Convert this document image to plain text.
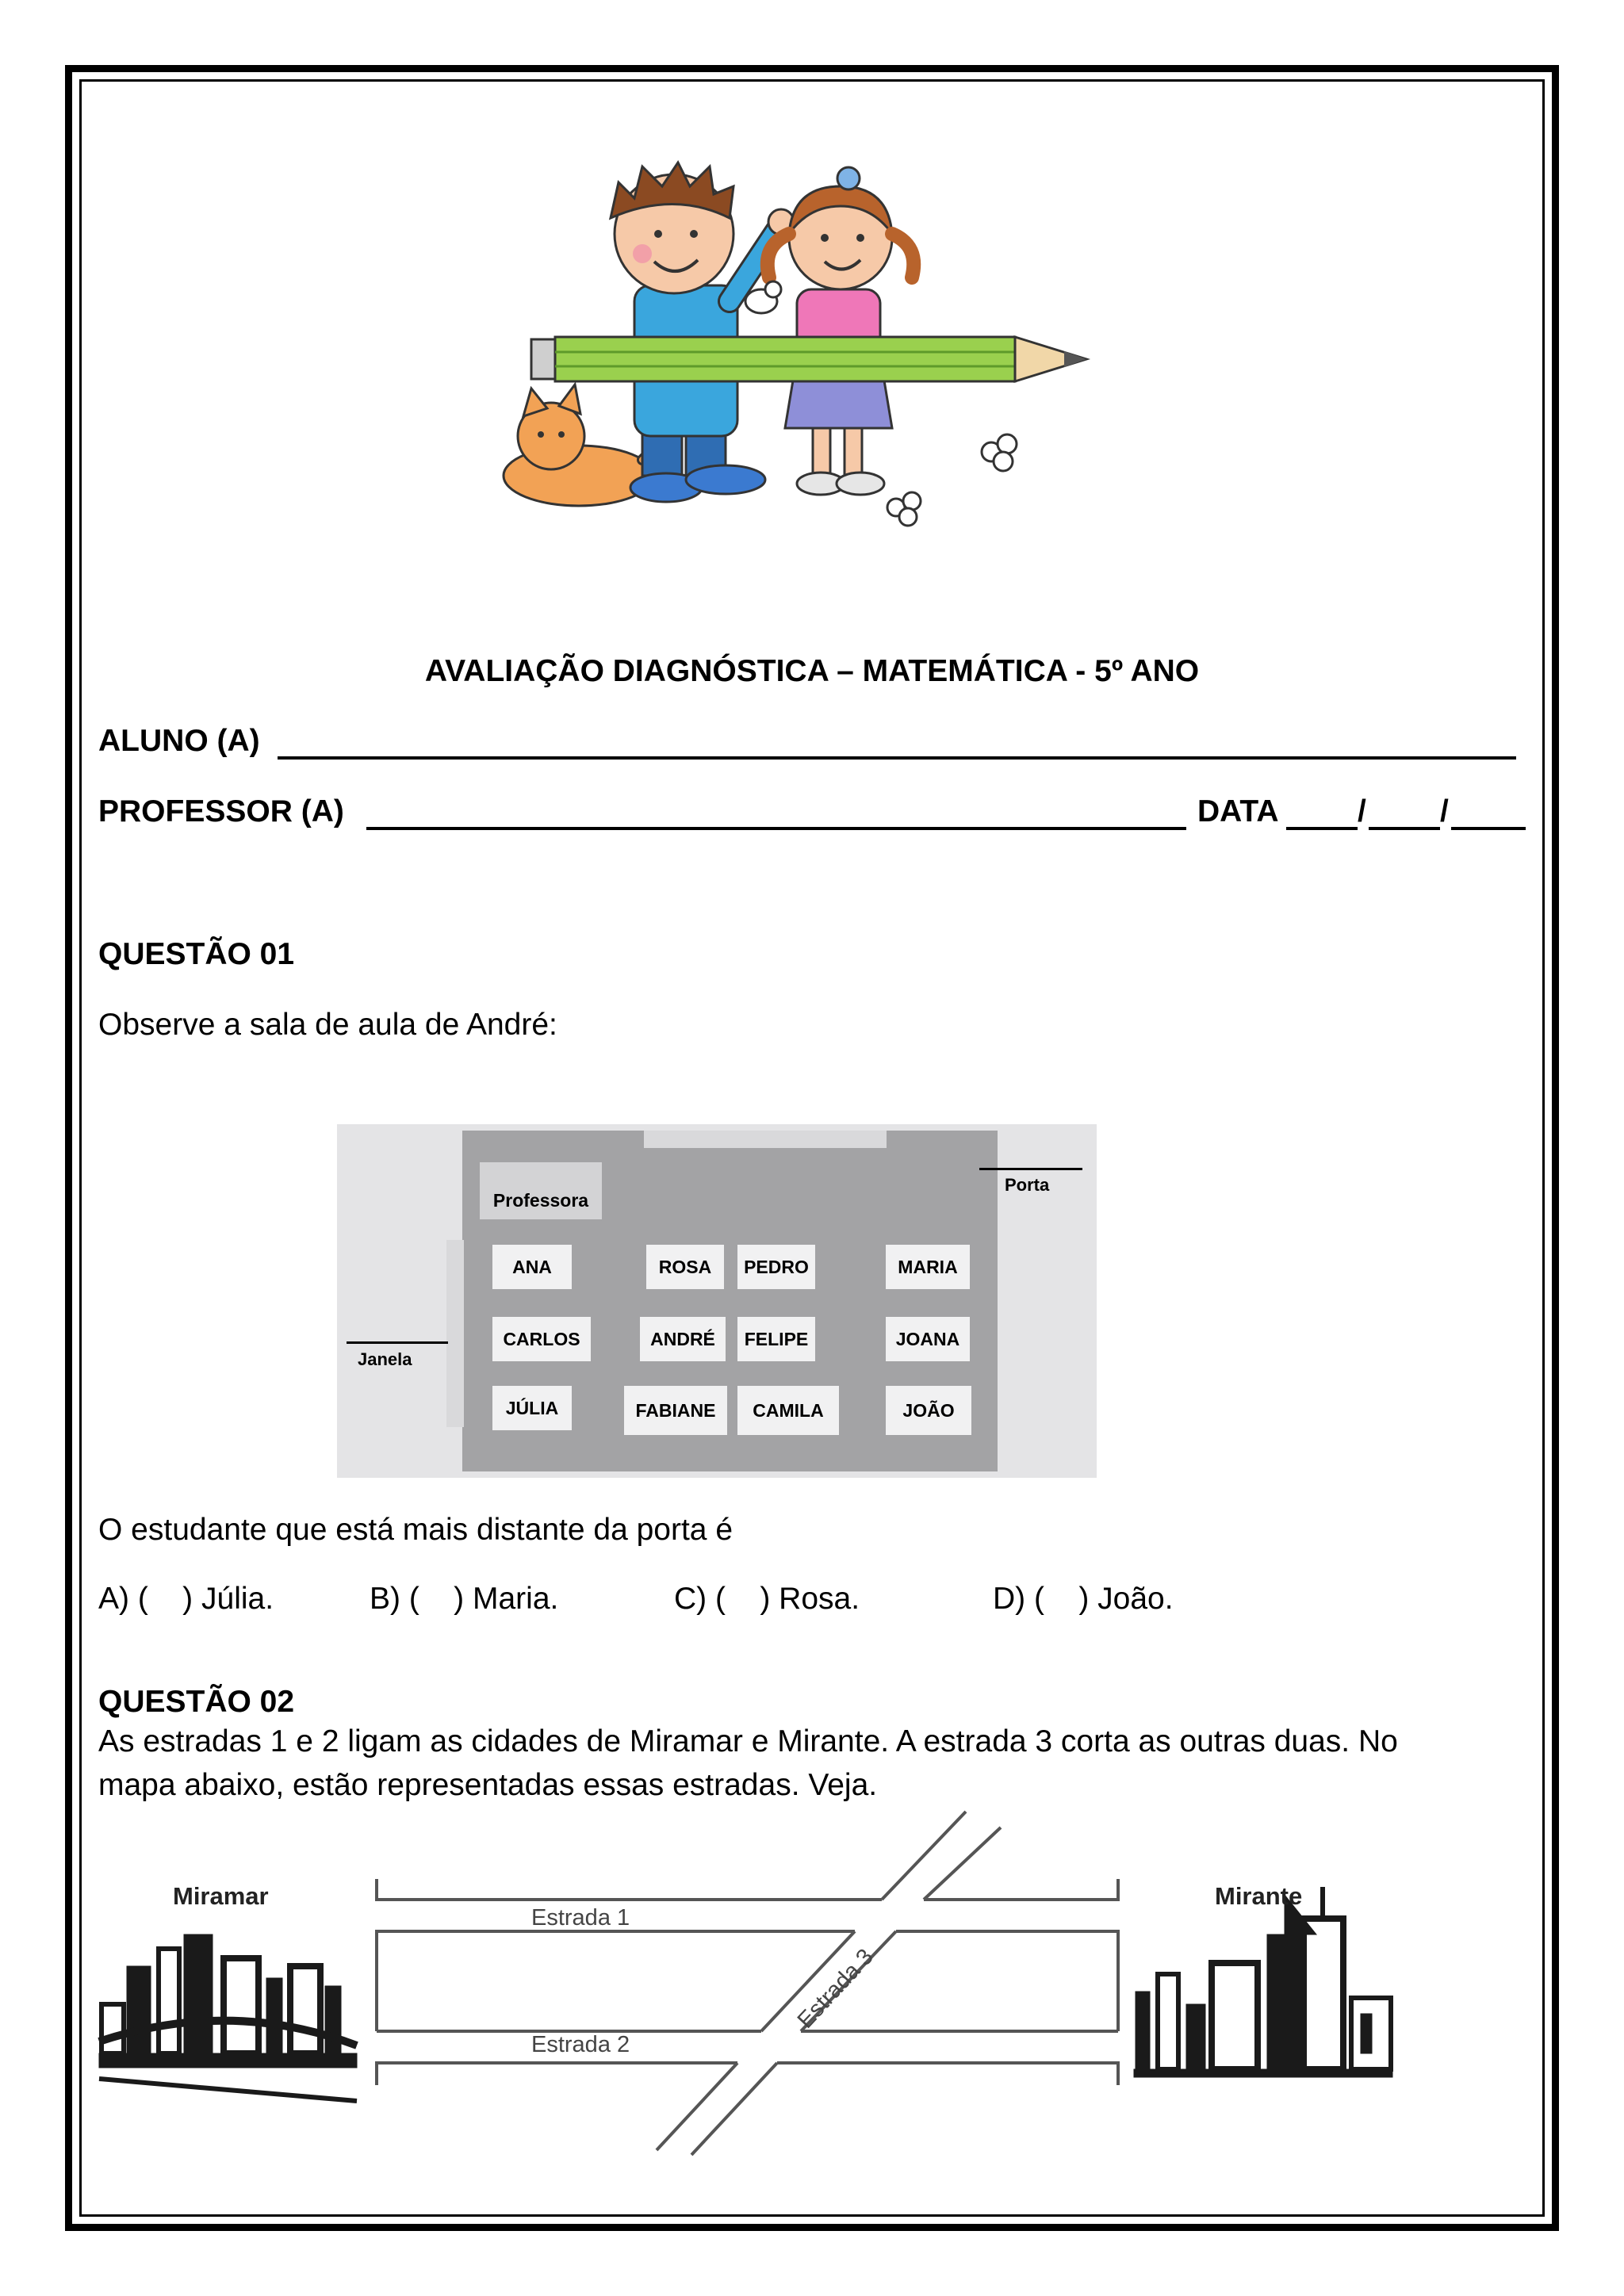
AVALIAÇÃO DIAGNÓSTICA – MATEMÁTICA - 5º ANO
ALUNO (A)
PROFESSOR (A)	DATA	/ /
QUESTÃO 01
Observe a sala de aula de André:
Professora
Porta
Janela
ANA	ROSA	PEDRO	MARIA
CARLOS	ANDRÉ	FELIPE	JOANA
JÚLIA	FABIANE	CAMILA	JOÃO
O estudante que está mais distante da porta é
A) (    ) Júlia.	B) (    ) Maria.	C) (    ) Rosa.	D) (    ) João.
QUESTÃO 02
As estradas 1 e 2 ligam as cidades de Miramar e Mirante. A estrada 3 corta as outras duas. No
mapa abaixo, estão representadas essas estradas. Veja.
Miramar	Mirante
Estrada 1
Estrada 2
Estrada 3
